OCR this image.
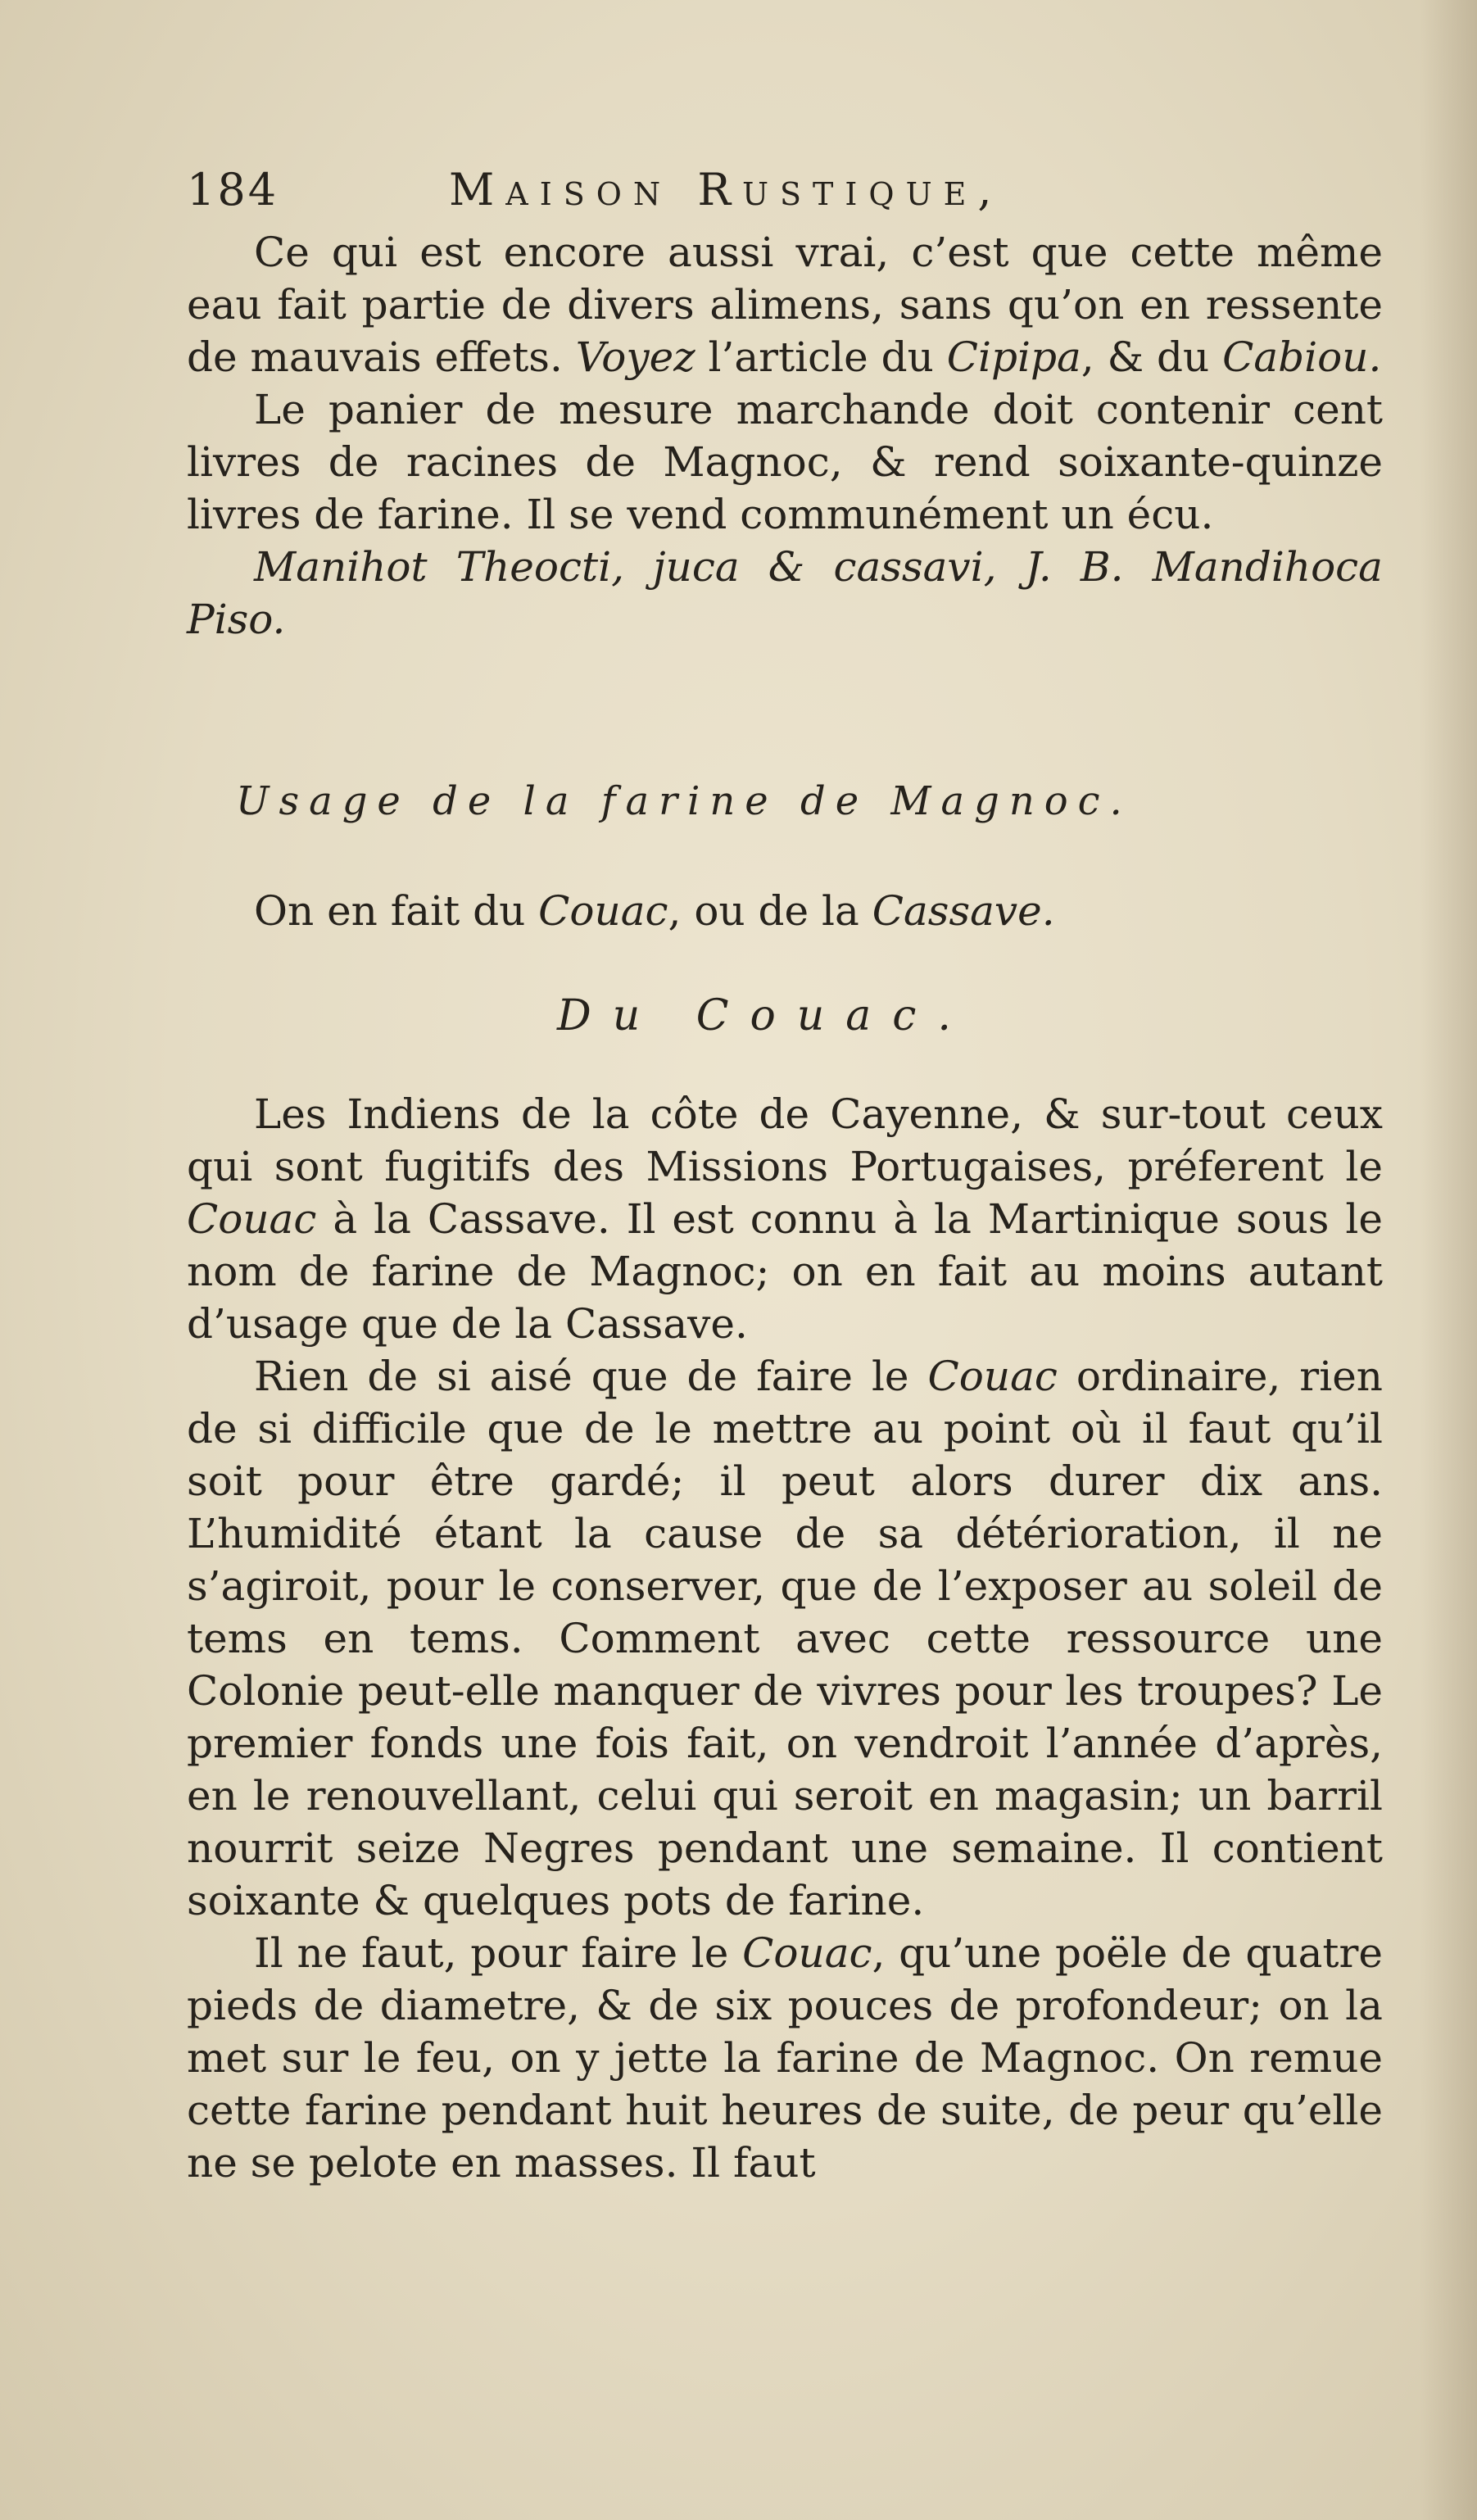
184	Maison Rustique,

Ce qui est encore aussi vrai, c’est que cette même eau fait partie de divers alimens, sans qu’on en ressente de mauvais effets. Voyez l’article du Cipipa, & du Cabiou.

Le panier de mesure marchande doit contenir cent livres de racines de Magnoc, & rend soixante-quinze livres de farine. Il se vend communément un écu.

Manihot Theocti, juca & cassavi, J. B. Mandihoca Piso.

Usage de la farine de Magnoc.
On en fait du Couac, ou de la Cassave.
Du Couac.

Les Indiens de la côte de Cayenne, & sur-tout ceux qui sont fugitifs des Missions Portugaises, préferent le Couac à la Cassave. Il est connu à la Martinique sous le nom de farine de Magnoc; on en fait au moins autant d’usage que de la Cassave.

Rien de si aisé que de faire le Couac ordinaire, rien de si difficile que de le mettre au point où il faut qu’il soit pour être gardé; il peut alors durer dix ans. L’humidité étant la cause de sa détérioration, il ne s’agiroit, pour le conserver, que de l’exposer au soleil de tems en tems. Comment avec cette ressource une Colonie peut-elle manquer de vivres pour les troupes? Le premier fonds une fois fait, on vendroit l’année d’après, en le renouvellant, celui qui seroit en magasin; un barril nourrit seize Negres pendant une semaine. Il contient soixante & quelques pots de farine.

Il ne faut, pour faire le Couac, qu’une poële de quatre pieds de diametre, & de six pouces de profondeur; on la met sur le feu, on y jette la farine de Magnoc. On remue cette farine pendant huit heures de suite, de peur qu’elle ne se pelote en masses. Il faut
